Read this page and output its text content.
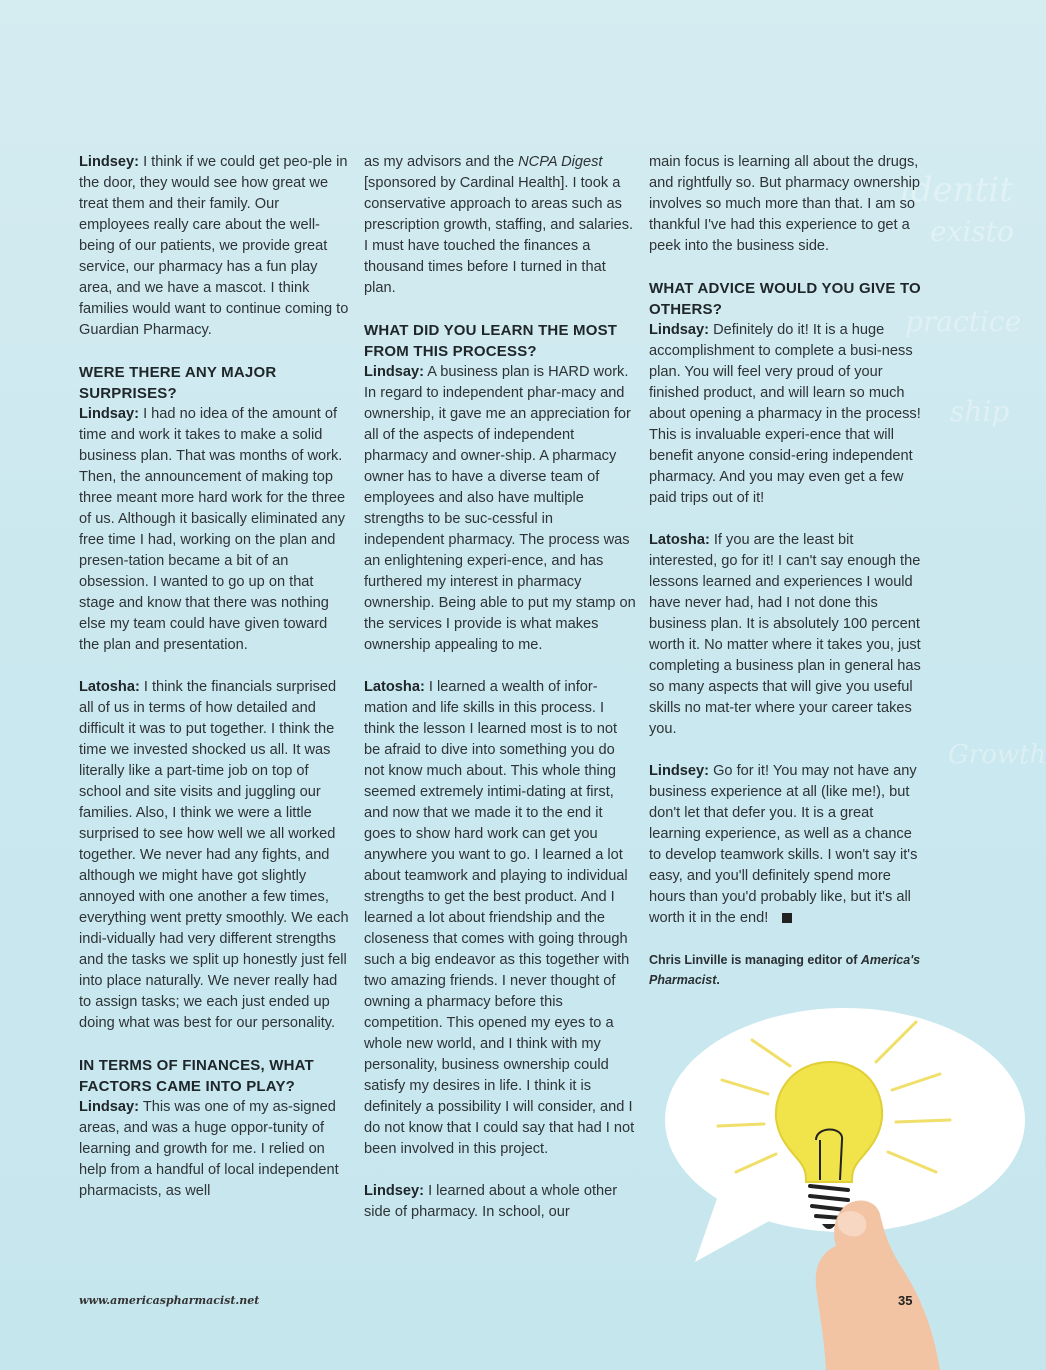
identit
existo
practice
ship
Growth

Lindsey: I think if we could get peo-ple in the door, they would see how great we treat them and their family. Our employees really care about the well-being of our patients, we provide great service, our pharmacy has a fun play area, and we have a mascot. I think families would want to continue coming to Guardian Pharmacy.

WERE THERE ANY MAJOR SURPRISES?

Lindsay: I had no idea of the amount of time and work it takes to make a solid business plan. That was months of work. Then, the announcement of making top three meant more hard work for the three of us. Although it basically eliminated any free time I had, working on the plan and presen-tation became a bit of an obsession. I wanted to go up on that stage and know that there was nothing else my team could have given toward the plan and presentation.

Latosha: I think the financials surprised all of us in terms of how detailed and difficult it was to put together. I think the time we invested shocked us all. It was literally like a part-time job on top of school and site visits and juggling our families. Also, I think we were a little surprised to see how well we all worked together. We never had any fights, and although we might have got slightly annoyed with one another a few times, everything went pretty smoothly. We each indi-vidually had very different strengths and the tasks we split up honestly just fell into place naturally. We never really had to assign tasks; we each just ended up doing what was best for our personality.

IN TERMS OF FINANCES, WHAT FACTORS CAME INTO PLAY?

Lindsay: This was one of my as-signed areas, and was a huge oppor-tunity of learning and growth for me. I relied on help from a handful of local independent pharmacists, as well

as my advisors and the NCPA Digest [sponsored by Cardinal Health]. I took a conservative approach to areas such as prescription growth, staffing, and salaries. I must have touched the finances a thousand times before I turned in that plan.

WHAT DID YOU LEARN THE MOST FROM THIS PROCESS?

Lindsay: A business plan is HARD work. In regard to independent phar-macy and ownership, it gave me an appreciation for all of the aspects of independent pharmacy and owner-ship. A pharmacy owner has to have a diverse team of employees and also have multiple strengths to be suc-cessful in independent pharmacy. The process was an enlightening experi-ence, and has furthered my interest in pharmacy ownership. Being able to put my stamp on the services I provide is what makes ownership appealing to me.

Latosha: I learned a wealth of infor-mation and life skills in this process. I think the lesson I learned most is to not be afraid to dive into something you do not know much about. This whole thing seemed extremely intimi-dating at first, and now that we made it to the end it goes to show hard work can get you anywhere you want to go. I learned a lot about teamwork and playing to individual strengths to get the best product. And I learned a lot about friendship and the closeness that comes with going through such a big endeavor as this together with two amazing friends. I never thought of owning a pharmacy before this competition. This opened my eyes to a whole new world, and I think with my personality, business ownership could satisfy my desires in life. I think it is definitely a possibility I will consider, and I do not know that I could say that had I not been involved in this project.

Lindsey: I learned about a whole other side of pharmacy. In school, our

main focus is learning all about the drugs, and rightfully so. But pharmacy ownership involves so much more than that. I am so thankful I've had this experience to get a peek into the business side.

WHAT ADVICE WOULD YOU GIVE TO OTHERS?

Lindsay: Definitely do it! It is a huge accomplishment to complete a busi-ness plan. You will feel very proud of your finished product, and will learn so much about opening a pharmacy in the process! This is invaluable experi-ence that will benefit anyone consid-ering independent pharmacy. And you may even get a few paid trips out of it!

Latosha: If you are the least bit interested, go for it! I can't say enough the lessons learned and experiences I would have never had, had I not done this business plan. It is absolutely 100 percent worth it. No matter where it takes you, just completing a business plan in general has so many aspects that will give you useful skills no mat-ter where your career takes you.

Lindsey: Go for it! You may not have any business experience at all (like me!), but don't let that defer you. It is a great learning experience, as well as a chance to develop teamwork skills. I won't say it's easy, and you'll definitely spend more hours than you'd probably like, but it's all worth it in the end!

Chris Linville is managing editor of America's Pharmacist.

www.americaspharmacist.net	35
